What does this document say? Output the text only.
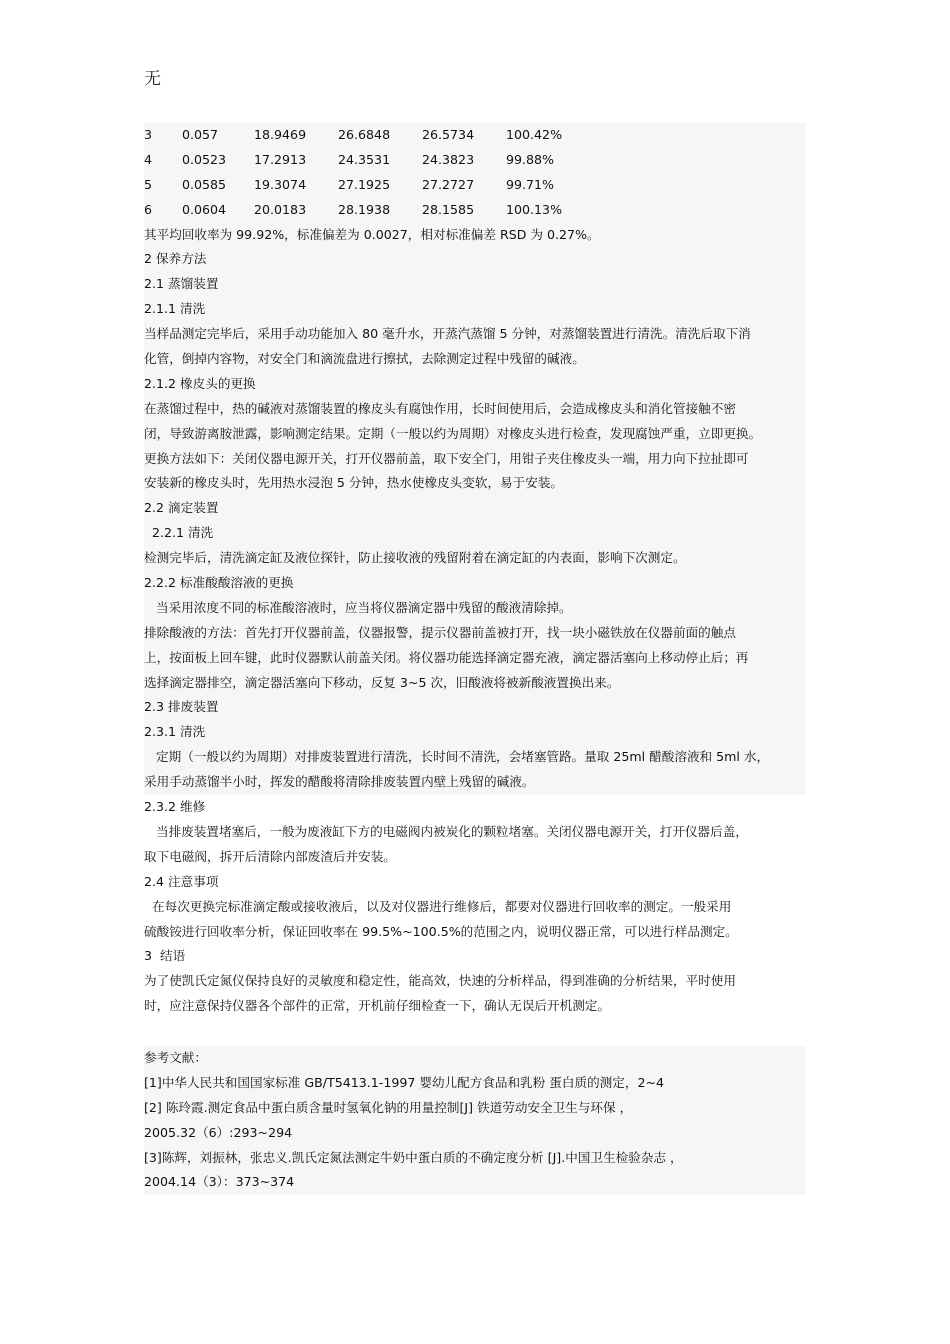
无
3 0.057	18.9469	26.6848	26.5734	100.42%
4 0.0523 17.2913	24.3531	24.3823	99.88%
5 0.0585 19.3074	27.1925	27.2727	99.71%
6 0.0604 20.0183	28.1938	28.1585	100.13%
其平均回收率为 99.92%，标准偏差为 0.0027，相对标准偏差 RSD 为 0.27%。
2 保养方法
2.1 蒸馏装置
2.1.1 清洗
当样品测定完毕后，采用手动功能加入 80 毫升水，开蒸汽蒸馏 5 分钟，对蒸馏装置进行清洗。清洗后取下消
化管，倒掉内容物，对安全门和滴流盘进行擦拭，去除测定过程中残留的碱液。
2.1.2 橡皮头的更换
在蒸馏过程中，热的碱液对蒸馏装置的橡皮头有腐蚀作用，长时间使用后，会造成橡皮头和消化管接触不密
闭，导致游离胺泄露，影响测定结果。定期（一般以约为周期）对橡皮头进行检查，发现腐蚀严重，立即更换。
更换方法如下：关闭仪器电源开关，打开仪器前盖，取下安全门，用钳子夹住橡皮头一端，用力向下拉扯即可
安装新的橡皮头时，先用热水浸泡 5 分钟，热水使橡皮头变软，易于安装。
2.2 滴定装置
2.2.1 清洗
检测完毕后，清洗滴定缸及液位探针，防止接收液的残留附着在滴定缸的内表面，影响下次测定。
2.2.2 标准酸酸溶液的更换
当采用浓度不同的标准酸溶液时，应当将仪器滴定器中残留的酸液清除掉。
排除酸液的方法：首先打开仪器前盖，仪器报警，提示仪器前盖被打开，找一块小磁铁放在仪器前面的触点
上，按面板上回车键，此时仪器默认前盖关闭。将仪器功能选择滴定器充液，滴定器活塞向上移动停止后；再
选择滴定器排空，滴定器活塞向下移动，反复 3~5 次，旧酸液将被新酸液置换出来。
2.3 排废装置
2.3.1 清洗
定期（一般以约为周期）对排废装置进行清洗，长时间不清洗，会堵塞管路。量取 25ml 醋酸溶液和 5ml 水，
采用手动蒸馏半小时，挥发的醋酸将清除排废装置内壁上残留的碱液。
2.3.2 维修
当排废装置堵塞后，一般为废液缸下方的电磁阀内被炭化的颗粒堵塞。关闭仪器电源开关，打开仪器后盖，
取下电磁阀，拆开后清除内部废渣后并安装。
2.4 注意事项
在每次更换完标准滴定酸或接收液后，以及对仪器进行维修后，都要对仪器进行回收率的测定。一般采用
硫酸铵进行回收率分析，保证回收率在 99.5%~100.5%的范围之内，说明仪器正常，可以进行样品测定。
3  结语
为了使凯氏定氮仪保持良好的灵敏度和稳定性，能高效，快速的分析样品，得到准确的分析结果，平时使用
时，应注意保持仪器各个部件的正常，开机前仔细检查一下，确认无误后开机测定。
参考文献：
[1]中华人民共和国国家标准 GB/T5413.1-1997 婴幼儿配方食品和乳粉 蛋白质的测定，2~4
[2] 陈玲霞.测定食品中蛋白质含量时氢氧化钠的用量控制[J] 铁道劳动安全卫生与环保 ，
2005.32（6）:293~294
[3]陈辉，刘振林，张忠义.凯氏定氮法测定牛奶中蛋白质的不确定度分析 [J].中国卫生检验杂志 ，
2004.14（3）：373~374
